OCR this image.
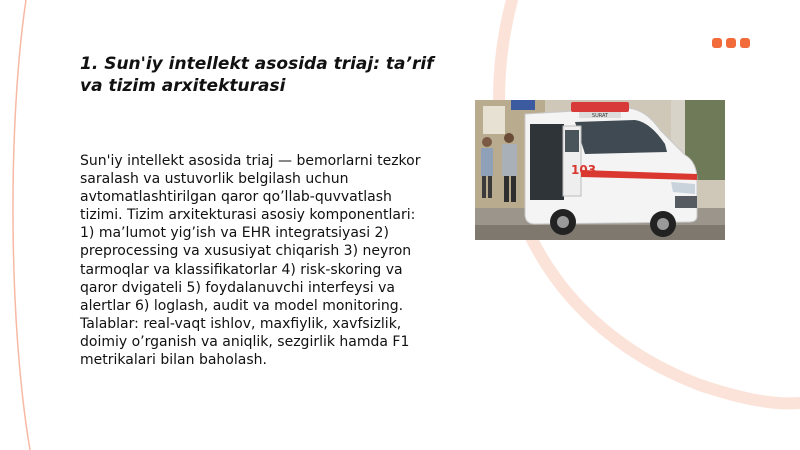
1. Sun'iy intellekt asosida triaj: ta’rif va tizim arxitekturasi

Sun'iy intellekt asosida triaj — bemorlarni tezkor saralash va ustuvorlik belgilash uchun avtomatlashtirilgan qaror qo’llab-quvvatlash tizimi. Tizim arxitekturasi asosiy komponentlari: 1) ma’lumot yig’ish va EHR integratsiyasi 2) preprocessing va xususiyat chiqarish 3) neyron tarmoqlar va klassifikatorlar 4) risk-skoring va qaror dvigateli 5) foydalanuvchi interfeysi va alertlar 6) loglash, audit va model monitoring. Talablar: real-vaqt ishlov, maxfiylik, xavfsizlik, doimiy o’rganish va aniqlik, sezgirlik hamda F1 metrikalari bilan baholash.

SURAT
103
